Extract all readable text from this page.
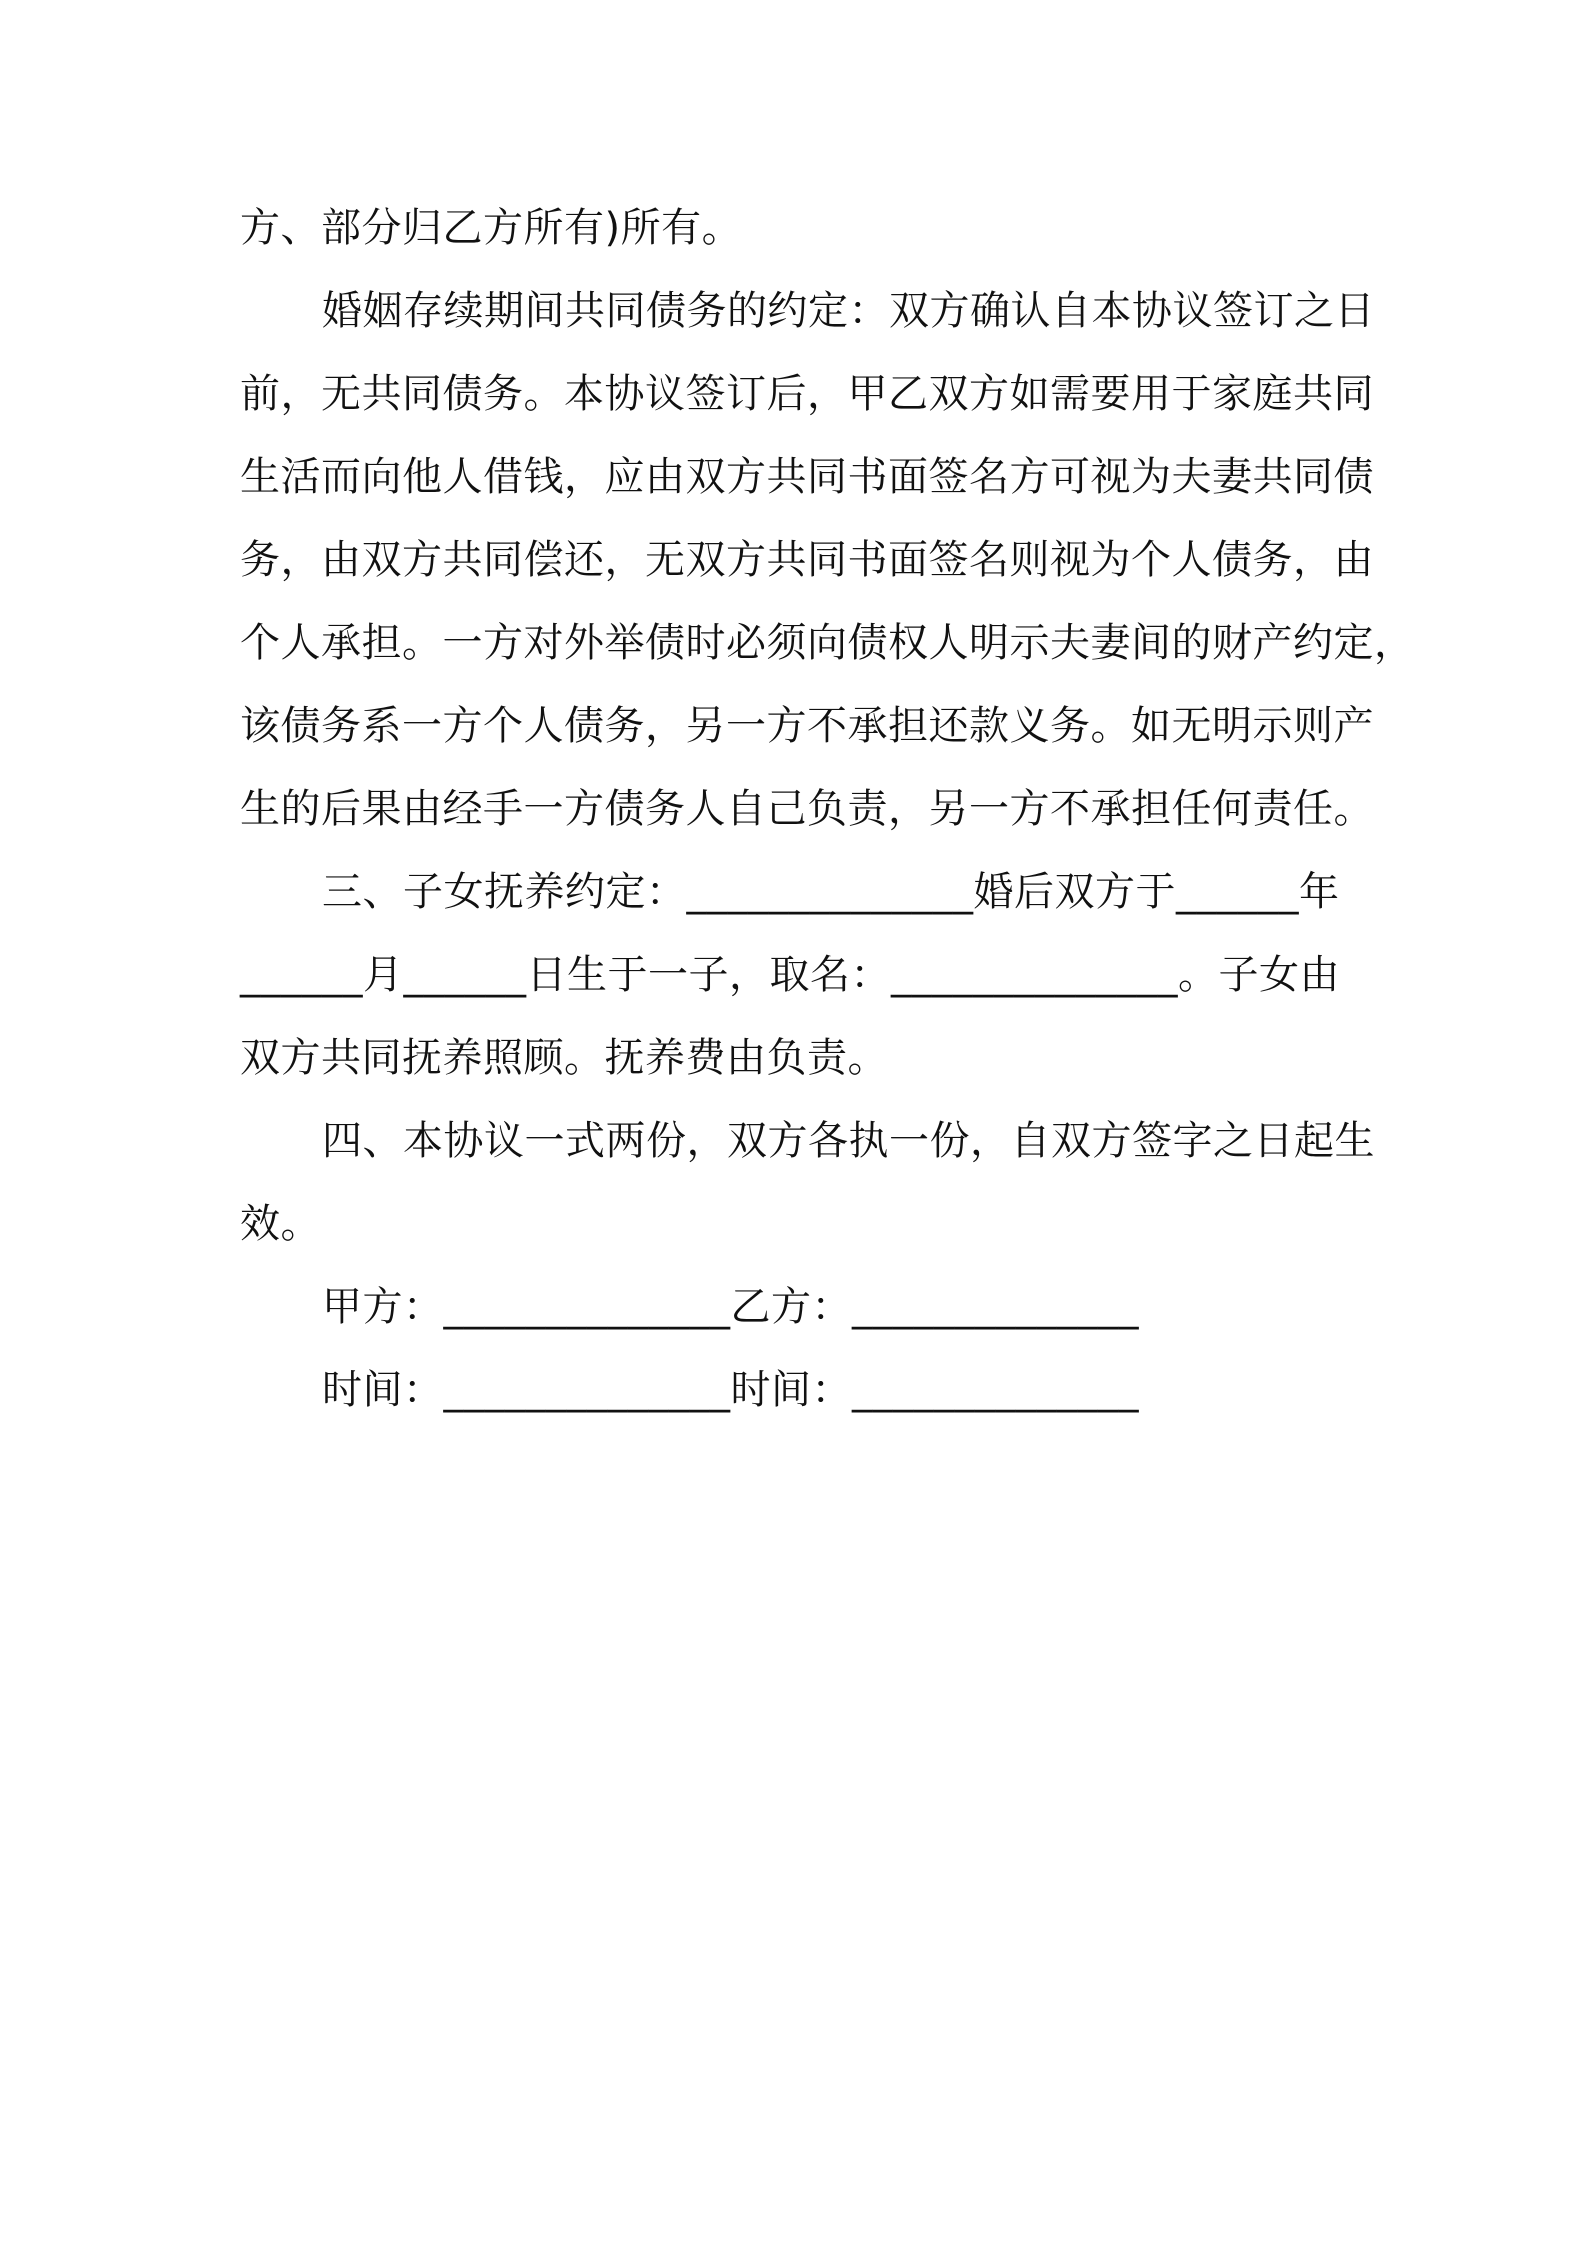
方、部分归乙方所有)所有。
婚姻存续期间共同债务的约定：双方确认自本协议签订之日
前，无共同债务。本协议签订后，甲乙双方如需要用于家庭共同
生活而向他人借钱，应由双方共同书面签名方可视为夫妻共同债
务，由双方共同偿还，无双方共同书面签名则视为个人债务，由
个人承担。一方对外举债时必须向债权人明示夫妻间的财产约定，
该债务系一方个人债务，另一方不承担还款义务。如无明示则产
生的后果由经手一方债务人自己负责，另一方不承担任何责任。
三、子女抚养约定：______________婚后双方于______年
______月______日生于一子，取名：______________。子女由
双方共同抚养照顾。抚养费由负责。
四、本协议一式两份，双方各执一份，自双方签字之日起生
效。
甲方：______________乙方：______________
时间：______________时间：______________
